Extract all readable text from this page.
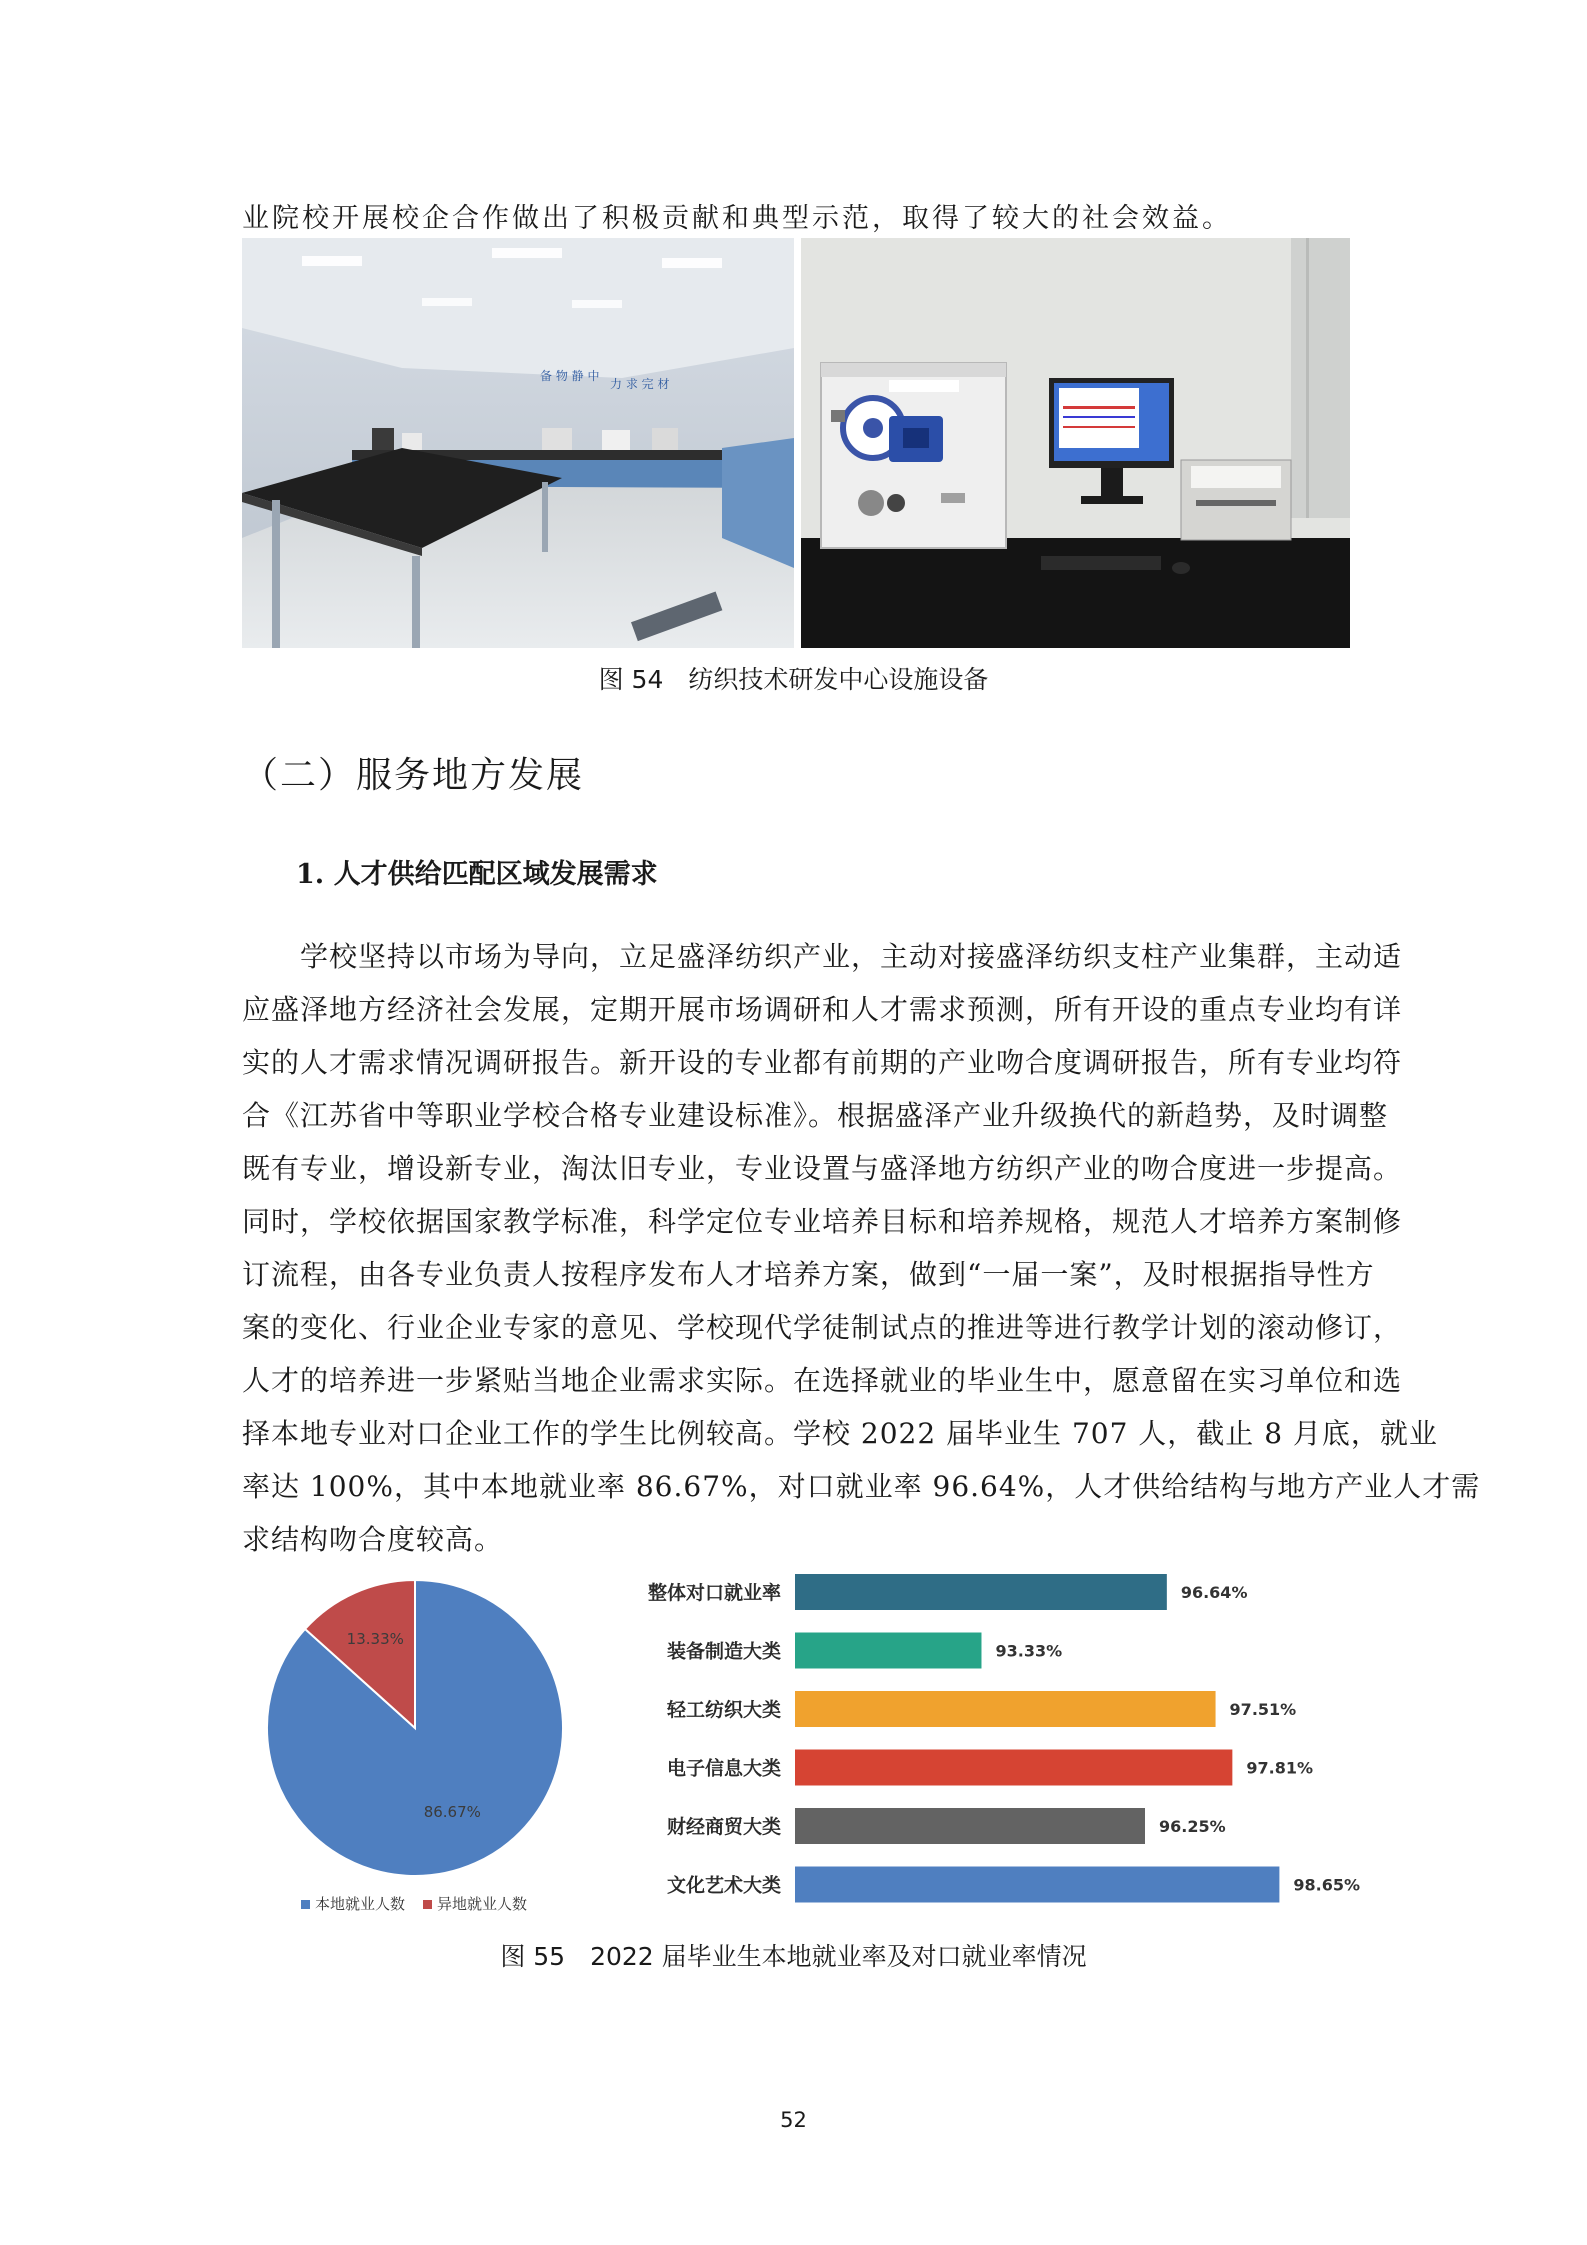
业院校开展校企合作做出了积极贡献和典型示范，取得了较大的社会效益。
备 物 静 中
力 求 完 材
图 54　纺织技术研发中心设施设备
（二）服务地方发展
1. 人才供给匹配区域发展需求
　　学校坚持以市场为导向，立足盛泽纺织产业，主动对接盛泽纺织支柱产业集群，主动适
应盛泽地方经济社会发展，定期开展市场调研和人才需求预测，所有开设的重点专业均有详
实的人才需求情况调研报告。新开设的专业都有前期的产业吻合度调研报告，所有专业均符
合《江苏省中等职业学校合格专业建设标准》。根据盛泽产业升级换代的新趋势，及时调整
既有专业，增设新专业，淘汰旧专业，专业设置与盛泽地方纺织产业的吻合度进一步提高。
同时，学校依据国家教学标准，科学定位专业培养目标和培养规格，规范人才培养方案制修
订流程，由各专业负责人按程序发布人才培养方案，做到“一届一案”，及时根据指导性方
案的变化、行业企业专家的意见、学校现代学徒制试点的推进等进行教学计划的滚动修订，
人才的培养进一步紧贴当地企业需求实际。在选择就业的毕业生中，愿意留在实习单位和选
择本地专业对口企业工作的学生比例较高。学校 2022 届毕业生 707 人，截止 8 月底，就业
率达 100%，其中本地就业率 86.67%，对口就业率 96.64%，人才供给结构与地方产业人才需
求结构吻合度较高。
86.67%
13.33%
本地就业人数 异地就业人数
整体对口就业率	96.64%
装备制造大类	93.33%
轻工纺织大类	97.51%
电子信息大类	97.81%
财经商贸大类	96.25%
文化艺术大类	98.65%
图 55　2022 届毕业生本地就业率及对口就业率情况
52
